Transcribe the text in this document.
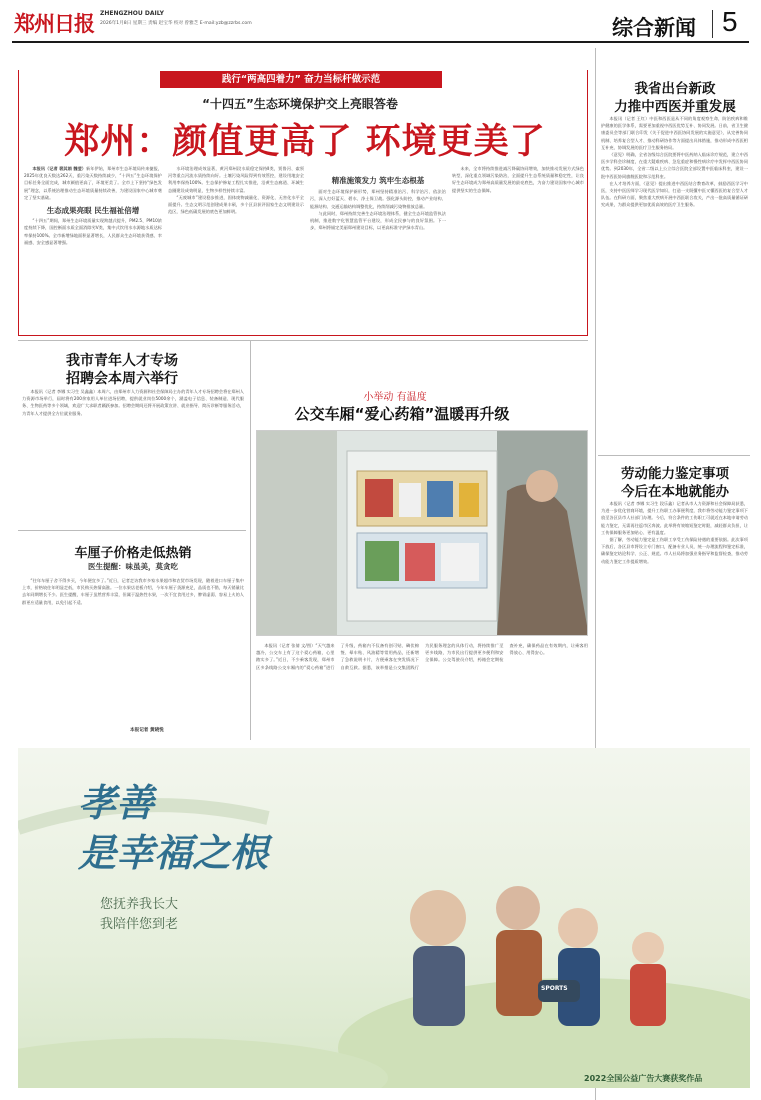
郑州日报 ZHENGZHOU DAILY
2026年1月8日 星期三 责编 赵宝华 校对 曾雅芝 E-mail:yzb@zzrbs.com	综合新闻 5
践行“两高四着力” 奋力当标杆做示范
“十四五”生态环境保护交上亮眼答卷
郑州：颜值更高了 环境更美了

本报讯（记者 裴其娟 魏莹）新年伊始，郑州市生态环境局传来捷报，2025年优良天数达262天，重污染天数持续减少，“十四五”生态环境保护目标任务全面完成，城市颜值更高了，环境更美了。全市上下坚持“绿色发展”理念，以系统治理推动生态环境质量持续改善，为建设国家中心城市奠定了坚实基础。

生态成果亮眼 民生福祉倍增

“十四五”期间，郑州生态环境质量实现跨越式提升，PM2.5、PM10浓度持续下降，国控断面水质全面消除劣V类，集中式饮用水水源地水质达标率保持100%。全市新增绿地面积显著增长，人民群众生态环境获得感、幸福感、安全感显著增强。

水环境治理成效显著，黄河郑州段水质稳定保持Ⅱ类，贾鲁河、索须河等重点河流水质持续向好。土壤污染风险得到有效管控，建设用地安全利用率保持100%。生态保护修复工程扎实推进，沿黄生态廊道、环城生态圈建设成效明显，生物多样性持续丰富。

“无废城市”建设稳步推进，固体废物减量化、资源化、无害化水平全面提升。生态文明示范创建成果丰硕，多个区县获评国家生态文明建设示范区，绿色低碳发展的底色更加鲜明。

精准施策发力 筑牢生态根基

面对生态环境保护新形势，郑州坚持精准治污、科学治污、依法治污，深入打好蓝天、碧水、净土保卫战。强化源头防控，推动产业结构、能源结构、交通运输结构调整优化，持续削减污染物排放总量。

与此同时，郑州持续完善生态环境治理体系，健全生态环境监管执法机制，推进数字化智慧监管平台建设，形成全民参与的良好氛围。下一步，郑州将锚定美丽郑州建设目标，以更高标准守护绿水青山。

未来，全市将持续推进减污降碳协同增效，加快推动发展方式绿色转型，深化重点领域污染防治，全面提升生态系统质量和稳定性，让良好生态环境成为郑州高质量发展的最亮底色，为奋力建设国家中心城市提供坚实的生态保障。

我省出台新政
力推中西医并重发展

本报讯（记者 王红）中医和西医是从不同的角度观察生命，防治疾病和维护健康的医学体系，需要更加重视中西医优势互补、协同发展。日前，省卫生健康委员会等部门联合印发《关于促进中西医协同发展的实施意见》，从完善协同机制、培养复合型人才、推动科研协作等方面提出具体措施，推动形成中西医相互补充、协调发展的医疗卫生服务格局。

《意见》明确，全省各级综合医院要将中医药纳入临床诊疗规范，建立中西医多学科会诊制度，在重大疑难疾病、急危重症和慢性病诊疗中发挥中西医协同优势。到2030年，全省二级以上公立综合医院全部设置中医临床科室，建设一批中西医协同旗舰医院和示范科室。

在人才培养方面，《意见》提出推进中西医结合教育改革，鼓励西医学习中医，支持中医医师学习现代医学知识，打造一支既懂中医又懂西医的复合型人才队伍。在科研方面，聚焦重大疾病开展中西医联合攻关，产出一批高质量循证研究成果，为群众提供更加优质高效的医疗卫生服务。

我市青年人才专场
招聘会本周六举行
本报讯（记者 李娜 实习生 吴鑫鑫）本周六，由郑州市人力资源和社会保障局主办的青年人才专场招聘会将在郑州人力资源市场举行，届时将有200余家用人单位进场招聘，提供就业岗位5000余个，涵盖电子信息、装备制造、现代服务、生物医药等多个领域，欢迎广大求职者踊跃参加。招聘会期间还将开展政策宣讲、就业指导、简历诊断等服务活动，为青年人才提供全方位就业服务。
车厘子价格走低热销
医生提醒：味虽美，莫贪吃
“往年车厘子舍不得多买，今年便宜多了。”近日，记者走访我市多家水果超市和农贸市场发现，随着进口车厘子集中上市，价格较往年明显走低，市民购买热情高涨。一位水果店老板介绍，今年车厘子货源充足，品质也不错，每天销量比去年同期增长不少。医生提醒，车厘子虽然营养丰富，但属于温热性水果，一次不宜食用过多，脾胃虚弱、容易上火的人群更应适量食用，以免引起不适。
本报记者 黄晓悦
小举动 有温度
公交车厢“爱心药箱”温暖再升级
本报讯（记者 张倩 文/图）“天气越来越冷，公交车上有了这个爱心药箱，心里踏实多了。”近日，不少乘客发现，郑州市区多条线路公交车厢内的“爱心药箱”进行了升级，药箱内不仅备有创可贴、碘伏棉签、晕车贴、风油精等常用药品，还新增了急救说明卡片，方便乘客在突发情况下自救互救。据悉，该举措是公交集团践行为民服务理念的具体行动，将持续推广至更多线路，为市民出行提供更多便利和安全保障。公交驾驶员介绍，药箱会定期检查补充，确保药品在有效期内，让乘客用得放心、用得安心。
劳动能力鉴定事项
今后在本地就能办

本报讯（记者 李娜 实习生 段乐鑫）记者从市人力资源和社会保障局获悉，为进一步优化营商环境，提升工伤职工办事便利度，我市将劳动能力鉴定事项下放至各区县市人社部门办理。今后，符合条件的工伤职工可就近在本地申请劳动能力鉴定，无需再往返市区奔波。此举将有效缩短鉴定时限，减轻群众负担，让工伤保障服务更加贴心、更有温度。

据了解，劳动能力鉴定是工伤职工享受工伤保险待遇的重要依据。此次事项下放后，各区县市将设立专门窗口，配备专业人员，统一办理流程和鉴定标准，确保鉴定结论科学、公正、规范。市人社局将加强业务指导和监督检查，推动劳动能力鉴定工作提质增效。

SPORTS
孝善
是幸福之根
您抚养我长大
我陪伴您到老
2022全国公益广告大赛获奖作品
